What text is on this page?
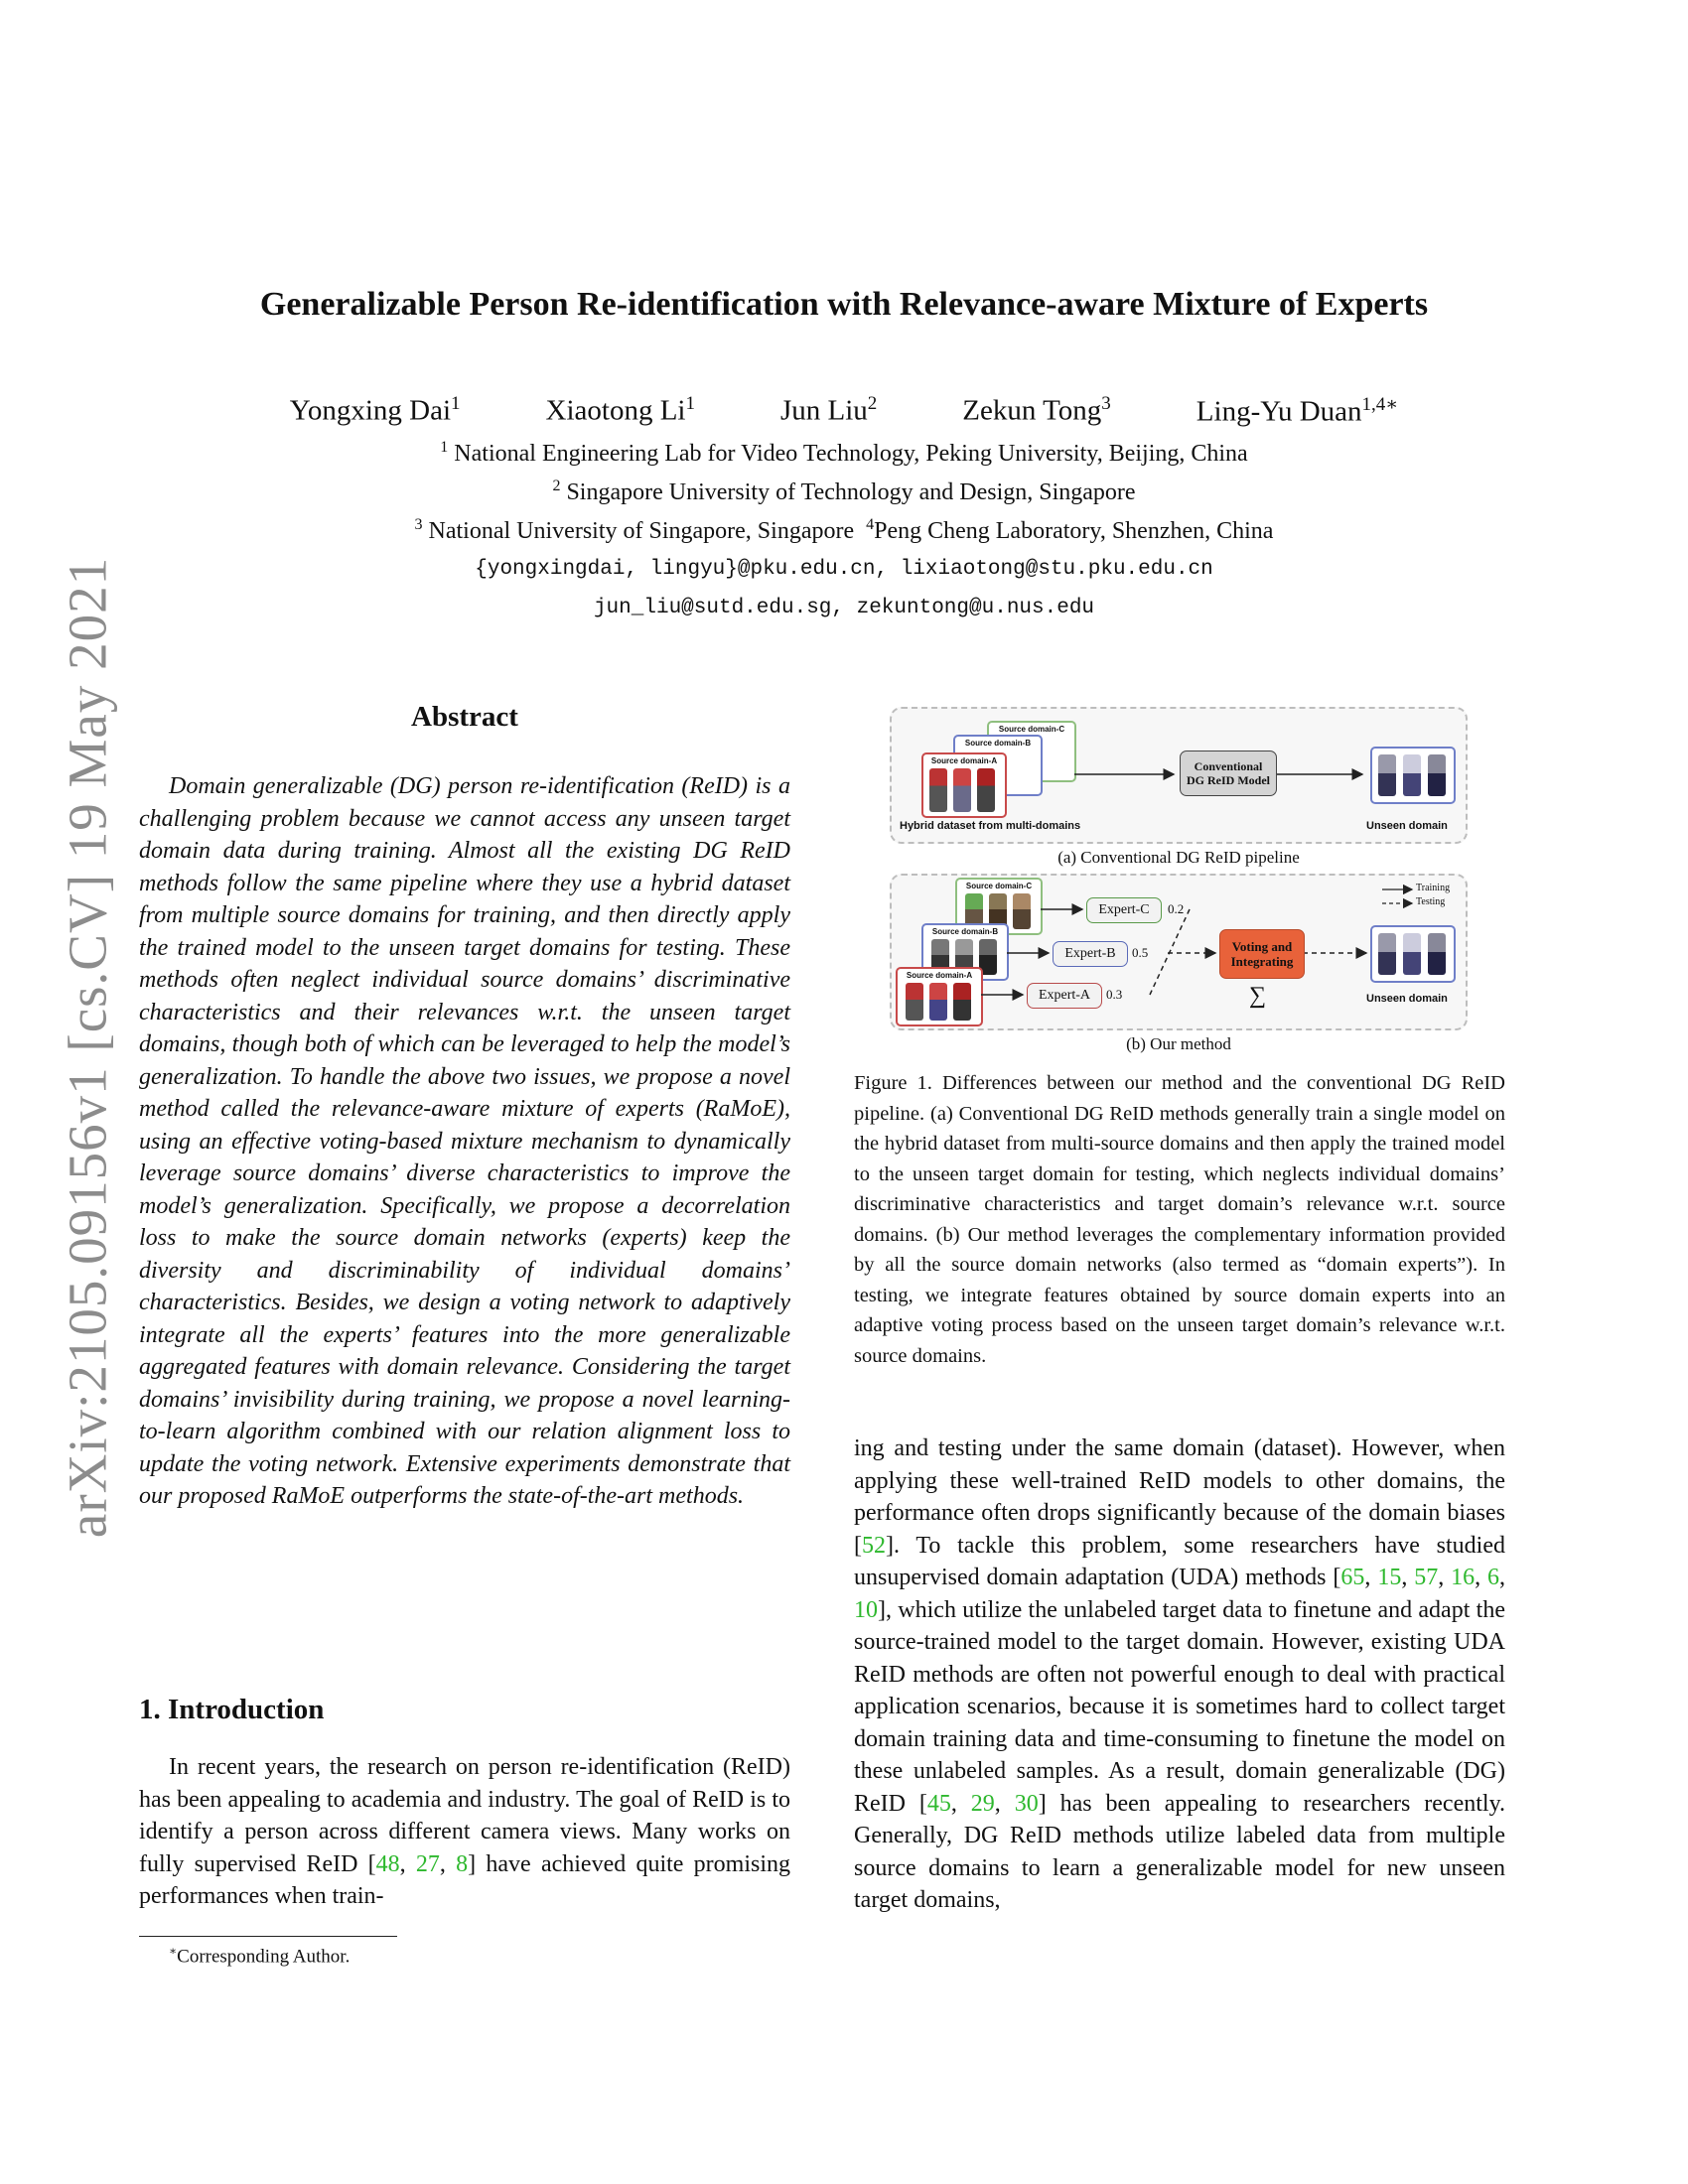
arXiv:2105.09156v1 [cs.CV] 19 May 2021
Generalizable Person Re-identification with Relevance-aware Mixture of Experts
Yongxing Dai$^1$	Xiaotong Li$^1$	Jun Liu$^2$	Zekun Tong$^3$	Ling-Yu Duan$^{1,4∗}$
$^1$ National Engineering Lab for Video Technology, Peking University, Beijing, China
$^2$ Singapore University of Technology and Design, Singapore
$^3$ National University of Singapore, Singapore $^4$Peng Cheng Laboratory, Shenzhen, China
{yongxingdai, lingyu}@pku.edu.cn, lixiaotong@stu.pku.edu.cn
jun_liu@sutd.edu.sg, zekuntong@u.nus.edu
Abstract

Domain generalizable (DG) person re-identification (ReID) is a challenging problem because we cannot access any unseen target domain data during training. Almost all the existing DG ReID methods follow the same pipeline where they use a hybrid dataset from multiple source domains for training, and then directly apply the trained model to the unseen target domains for testing. These methods often neglect individual source domains’ discriminative characteristics and their relevances w.r.t. the unseen target domains, though both of which can be leveraged to help the model’s generalization. To handle the above two issues, we propose a novel method called the relevance-aware mixture of experts (RaMoE), using an effective voting-based mixture mechanism to dynamically leverage source domains’ diverse characteristics to improve the model’s generalization. Specifically, we propose a decorrelation loss to make the source domain networks (experts) keep the diversity and discriminability of individual domains’ characteristics. Besides, we design a voting network to adaptively integrate all the experts’ features into the more generalizable aggregated features with domain relevance. Considering the target domains’ invisibility during training, we propose a novel learning-to-learn algorithm combined with our relation alignment loss to update the voting network. Extensive experiments demonstrate that our proposed RaMoE outperforms the state-of-the-art methods.

1. Introduction

In recent years, the research on person re-identification (ReID) has been appealing to academia and industry. The goal of ReID is to identify a person across different camera views. Many works on fully supervised ReID [48, 27, 8] have achieved quite promising performances when train-

∗Corresponding Author.
Source domain-C
Source domain-B
Source domain-A
Hybrid dataset from multi-domains
Conventional
DG ReID Model
Unseen domain
(a) Conventional DG ReID pipeline
Source domain-C
Source domain-B
Source domain-A
Expert-C
Expert-B
Expert-A
0.2
0.5
0.3
Voting and
Integrating
∑
Training
Testing
Unseen domain
(b) Our method

Figure 1. Differences between our method and the conventional DG ReID pipeline. (a) Conventional DG ReID methods generally train a single model on the hybrid dataset from multi-source domains and then apply the trained model to the unseen target domain for testing, which neglects individual domains’ discriminative characteristics and target domain’s relevance w.r.t. source domains. (b) Our method leverages the complementary information provided by all the source domain networks (also termed as “domain experts”). In testing, we integrate features obtained by source domain experts into an adaptive voting process based on the unseen target domain’s relevance w.r.t. source domains.

ing and testing under the same domain (dataset). However, when applying these well-trained ReID models to other domains, the performance often drops significantly because of the domain biases [52]. To tackle this problem, some researchers have studied unsupervised domain adaptation (UDA) methods [65, 15, 57, 16, 6, 10], which utilize the unlabeled target data to finetune and adapt the source-trained model to the target domain. However, existing UDA ReID methods are often not powerful enough to deal with practical application scenarios, because it is sometimes hard to collect target domain training data and time-consuming to finetune the model on these unlabeled samples. As a result, domain generalizable (DG) ReID [45, 29, 30] has been appealing to researchers recently. Generally, DG ReID methods utilize labeled data from multiple source domains to learn a generalizable model for new unseen target domains,
